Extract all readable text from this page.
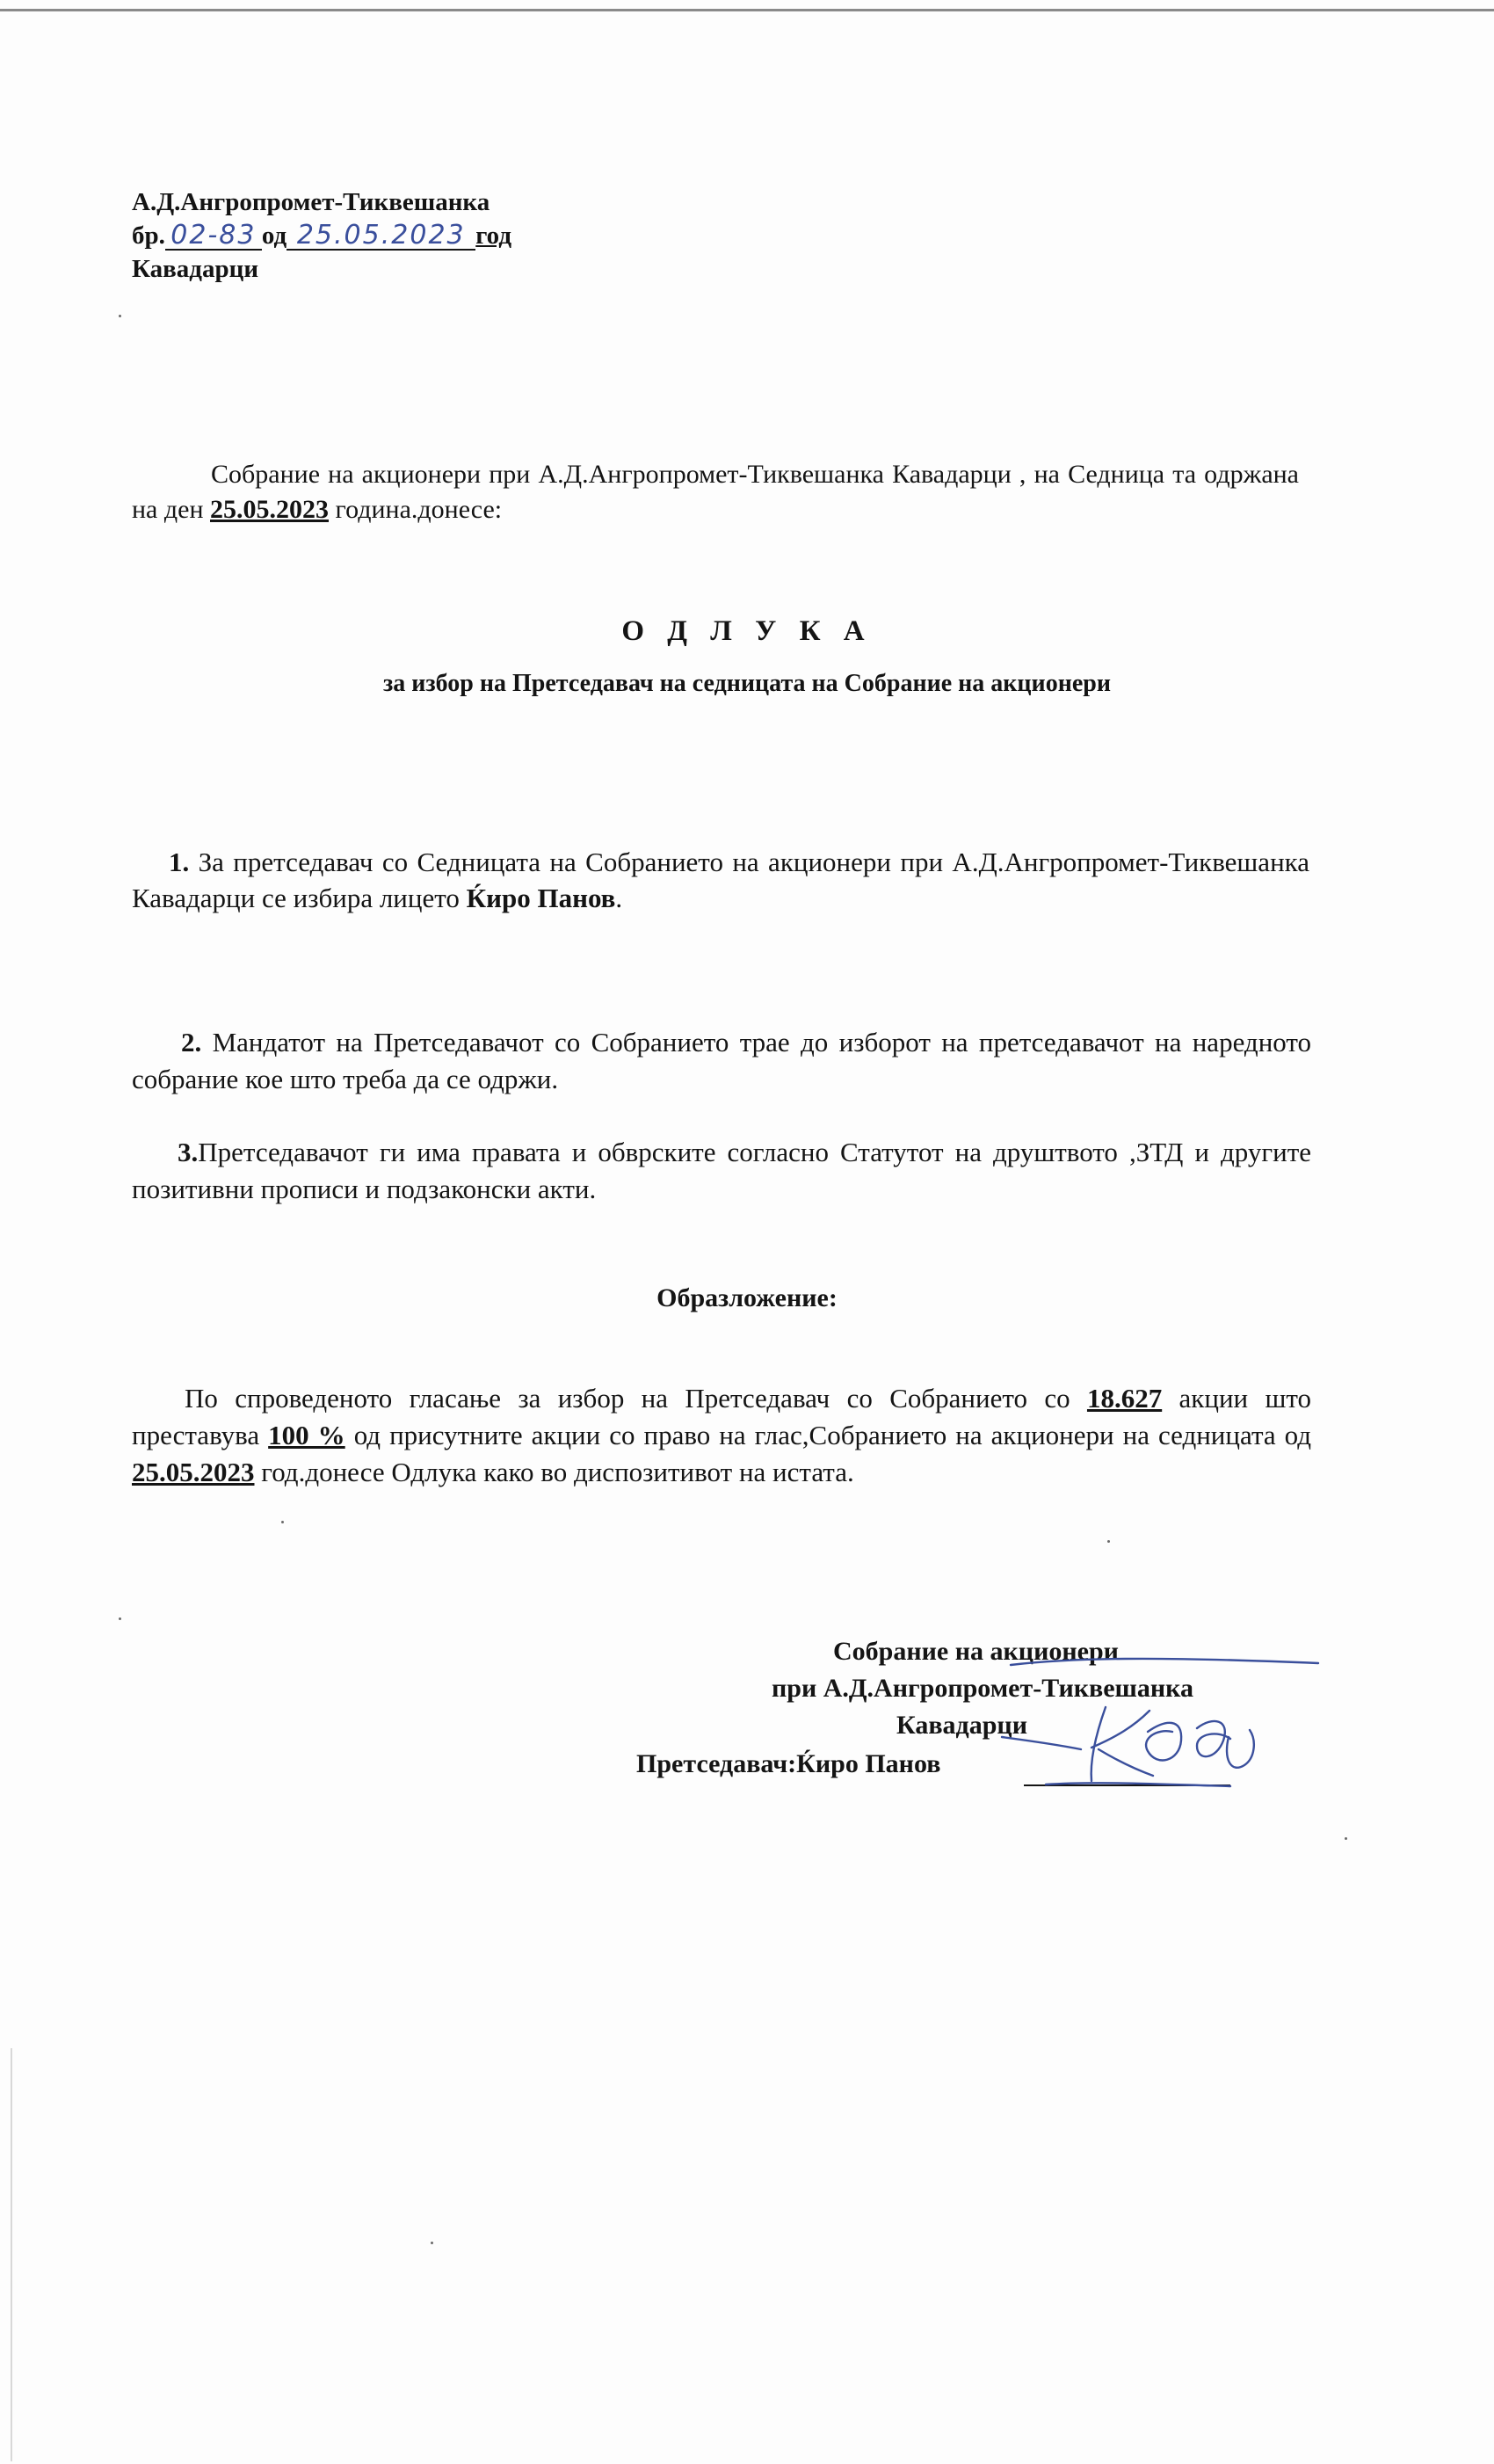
А.Д.Ангропромет-Тиквешанка
бр. 02-83 од 25.05.2023 год
Кавадарци
Собрание на акционери при А.Д.Ангропромет-Тиквешанка Кавадарци , на Седница та одржана на ден 25.05.2023 година.донесе:
О Д Л У К А
за избор на Претседавач на седницата на Собрание на акционери
1. За претседавач со Седницата на Собранието на акционери при А.Д.Ангропромет-Тиквешанка Кавадарци се избира лицето Ќиро Панов.
2. Мандатот на Претседавачот со Собранието трае до изборот на претседавачот на наредното собрание кое што треба да се одржи.
3.Претседавачот ги има правата и обврските согласно Статутот на друштвото ,ЗТД и другите позитивни прописи и подзаконски акти.
Образложение:
По спроведеното гласање за избор на Претседавач со Собранието со 18.627 акции што преставува 100 % од присутните акции со право на глас,Собранието на акционери на седницата од 25.05.2023 год.донесе Одлука како во диспозитивот на истата.
Собрание на акционери
при А.Д.Ангропромет-Тиквешанка
Кавадарци
Претседавач:Ќиро Панов
